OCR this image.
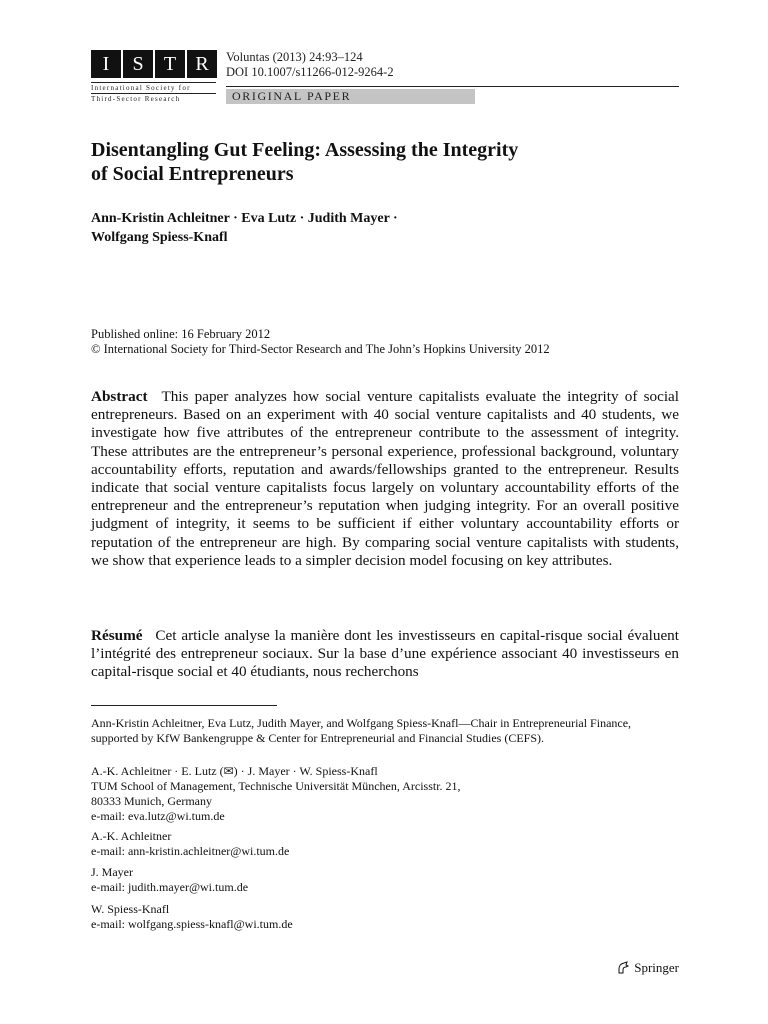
I	S	T R
International Society for
Third-Sector Research
Voluntas (2013) 24:93–124
DOI 10.1007/s11266-012-9264-2
ORIGINAL PAPER
Disentangling Gut Feeling: Assessing the Integrity
of Social Entrepreneurs
Ann-Kristin Achleitner · Eva Lutz · Judith Mayer ·
Wolfgang Spiess-Knafl
Published online: 16 February 2012
© International Society for Third-Sector Research and The John’s Hopkins University 2012

Abstract This paper analyzes how social venture capitalists evaluate the integrity of social entrepreneurs. Based on an experiment with 40 social venture capitalists and 40 students, we investigate how five attributes of the entrepreneur contribute to the assessment of integrity. These attributes are the entrepreneur’s personal experience, professional background, voluntary accountability efforts, reputation and awards/fellowships granted to the entrepreneur. Results indicate that social venture capitalists focus largely on voluntary accountability efforts of the entrepreneur and the entrepreneur’s reputation when judging integrity. For an overall positive judgment of integrity, it seems to be sufficient if either voluntary accountability efforts or reputation of the entrepreneur are high. By comparing social venture capitalists with students, we show that experience leads to a simpler decision model focusing on key attributes.

Résumé Cet article analyse la manière dont les investisseurs en capital-risque social évaluent l’intégrité des entrepreneur sociaux. Sur la base d’une expérience associant 40 investisseurs en capital-risque social et 40 étudiants, nous recherchons

Ann-Kristin Achleitner, Eva Lutz, Judith Mayer, and Wolfgang Spiess-Knafl—Chair in Entrepreneurial Finance, supported by KfW Bankengruppe & Center for Entrepreneurial and Financial Studies (CEFS).

A.-K. Achleitner · E. Lutz (✉) · J. Mayer · W. Spiess-Knafl
TUM School of Management, Technische Universität München, Arcisstr. 21,
80333 Munich, Germany
e-mail: eva.lutz@wi.tum.de
A.-K. Achleitner
e-mail: ann-kristin.achleitner@wi.tum.de
J. Mayer
e-mail: judith.mayer@wi.tum.de
W. Spiess-Knafl
e-mail: wolfgang.spiess-knafl@wi.tum.de
Springer
